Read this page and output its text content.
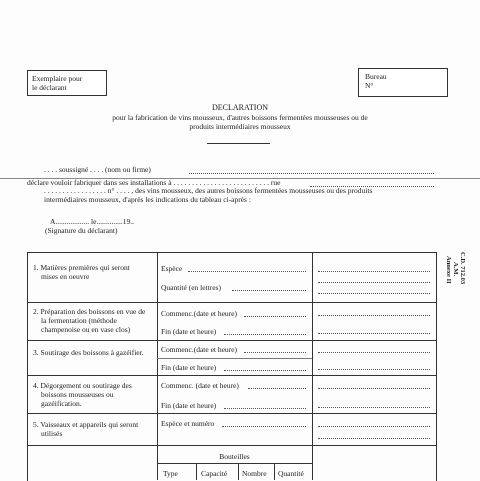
Exemplaire pour
le déclarant
Bureau
N°
DECLARATION
pour la fabrication de vins mousseux, d'autres boissons fermentées mousseuses ou de
produits intermédiaires mousseux
. . . . soussigné . . . . (nom ou firme)
déclare vouloir fabriquer dans ses installations à . . . . . . . . . . . . . . . . . . . . . . . . . . rue
. . . . . . . . . . . . . . . . . n° . . . . , des vins mousseux, des autres boissons fermentées mousseuses ou des produits
intermédiaires mousseux, d'après les indications du tableau ci-après :
A.................. le..............19..
(Signature du déclarant)
C.D. 712.03
A.M.
Annexe II
1. Matières premières qui seront
mises en oeuvre
Espèce
Quantité (en lettres)
2. Préparation des boissons en vue de
la fermentation (méthode
champenoise ou en vase clos)
Commenc.(date et heure)
Fin (date et heure)
3. Soutirage des boissons à gazéifier. Commenc.(date et heure)
Fin (date et heure)
4. Dégorgement ou soutirage des
boissons mousseuses ou
gazéification.
Commenc. (date et heure)
Fin (date et heure)
5. Vaisseaux et appareils qui seront
utilisés
Espèce et numéro
Bouteilles
Type	Capacité Nombre Quantité
